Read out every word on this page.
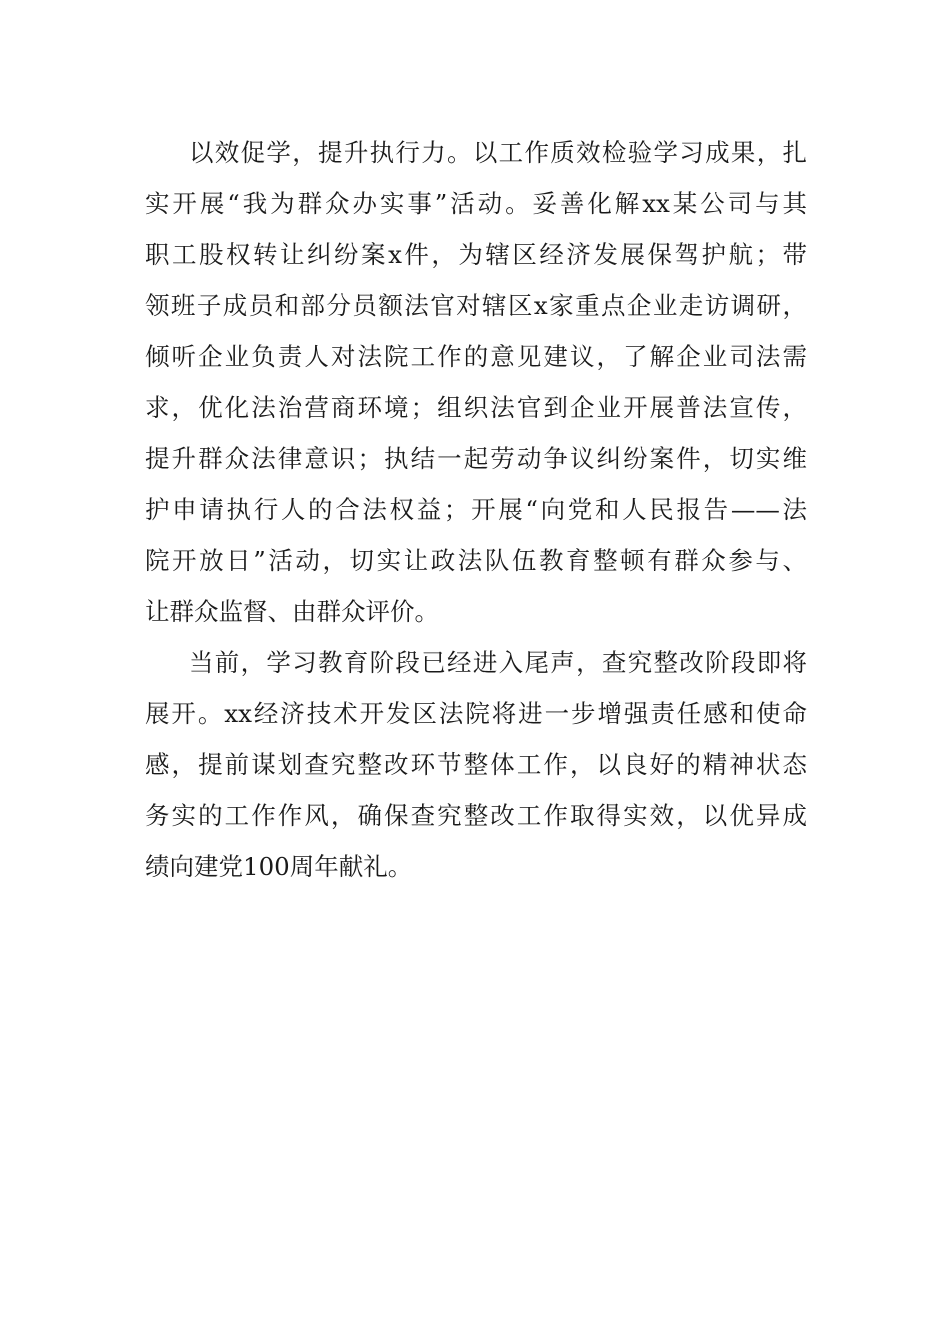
以效促学，提升执行力。以工作质效检验学习成果，扎
实开展“我为群众办实事”活动。妥善化解xx某公司与其
职工股权转让纠纷案x件，为辖区经济发展保驾护航；带
领班子成员和部分员额法官对辖区x家重点企业走访调研，
倾听企业负责人对法院工作的意见建议，了解企业司法需
求，优化法治营商环境；组织法官到企业开展普法宣传，
提升群众法律意识；执结一起劳动争议纠纷案件，切实维
护申请执行人的合法权益；开展“向党和人民报告——法
院开放日”活动，切实让政法队伍教育整顿有群众参与、
让群众监督、由群众评价。
当前，学习教育阶段已经进入尾声，查究整改阶段即将
展开。xx经济技术开发区法院将进一步增强责任感和使命
感，提前谋划查究整改环节整体工作，以良好的精神状态
务实的工作作风，确保查究整改工作取得实效，以优异成
绩向建党100周年献礼。
